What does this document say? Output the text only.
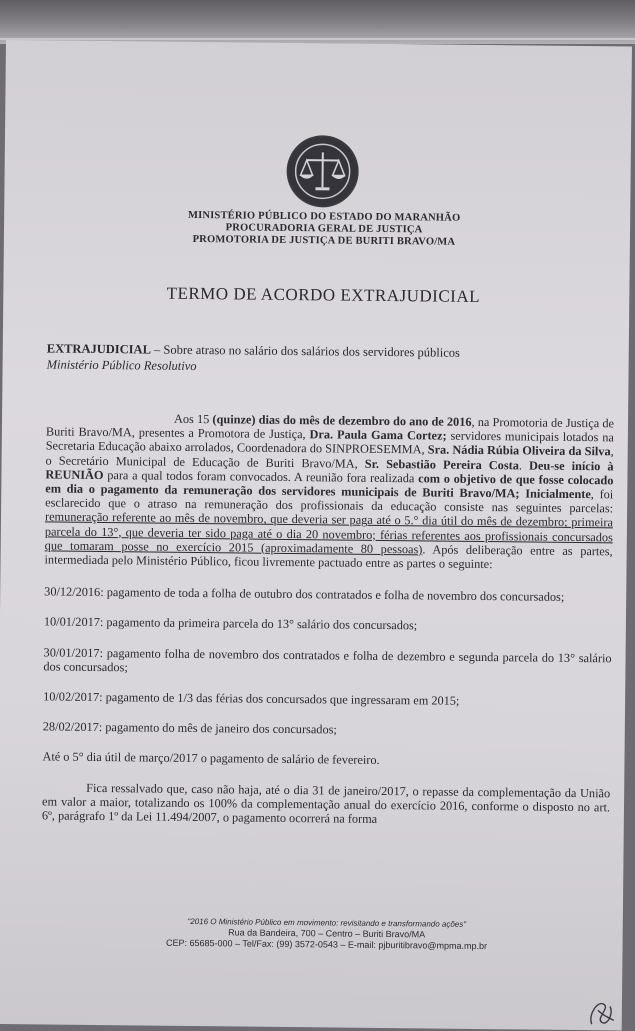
MINISTÉRIO PÚBLICO DO ESTADO DO MARANHÃO
PROCURADORIA GERAL DE JUSTIÇA
PROMOTORIA DE JUSTIÇA DE BURITI BRAVO/MA
TERMO DE ACORDO EXTRAJUDICIAL
EXTRAJUDICIAL – Sobre atraso no salário dos salários dos servidores públicos
Ministério Público Resolutivo

Aos 15 (quinze) dias do mês de dezembro do ano de 2016, na Promotoria de Justiça de Buriti Bravo/MA, presentes a Promotora de Justiça, Dra. Paula Gama Cortez; servidores municipais lotados na Secretaria Educação abaixo arrolados, Coordenadora do SINPROESEMMA, Sra. Nádia Rúbia Oliveira da Silva, o Secretário Municipal de Educação de Buriti Bravo/MA, Sr. Sebastião Pereira Costa. Deu-se início à REUNIÃO para a qual todos foram convocados. A reunião fora realizada com o objetivo de que fosse colocado em dia o pagamento da remuneração dos servidores municipais de Buriti Bravo/MA; Inicialmente, foi esclarecido que o atraso na remuneração dos profissionais da educação consiste nas seguintes parcelas: remuneração referente ao mês de novembro, que deveria ser paga até o 5.° dia útil do mês de dezembro; primeira parcela do 13°, que deveria ter sido paga até o dia 20 novembro; férias referentes aos profissionais concursados que tomaram posse no exercício 2015 (aproximadamente 80 pessoas). Após deliberação entre as partes, intermediada pelo Ministério Público, ficou livremente pactuado entre as partes o seguinte:

30/12/2016: pagamento de toda a folha de outubro dos contratados e folha de novembro dos concursados;
10/01/2017: pagamento da primeira parcela do 13° salário dos concursados;
30/01/2017: pagamento folha de novembro dos contratados e folha de dezembro e segunda parcela do 13° salário dos concursados;
10/02/2017: pagamento de 1/3 das férias dos concursados que ingressaram em 2015;
28/02/2017: pagamento do mês de janeiro dos concursados;
Até o 5° dia útil de março/2017 o pagamento de salário de fevereiro.

Fica ressalvado que, caso não haja, até o dia 31 de janeiro/2017, o repasse da complementação da União em valor a maior, totalizando os 100% da complementação anual do exercício 2016, conforme o disposto no art. 6º, parágrafo 1º da Lei 11.494/2007, o pagamento ocorrerá na forma

"2016 O Ministério Público em movimento: revisitando e transformando ações"
Rua da Bandeira, 700 – Centro – Buriti Bravo/MA
CEP: 65685-000 – Tel/Fax: (99) 3572-0543 – E-mail: pjburitibravo@mpma.mp.br
